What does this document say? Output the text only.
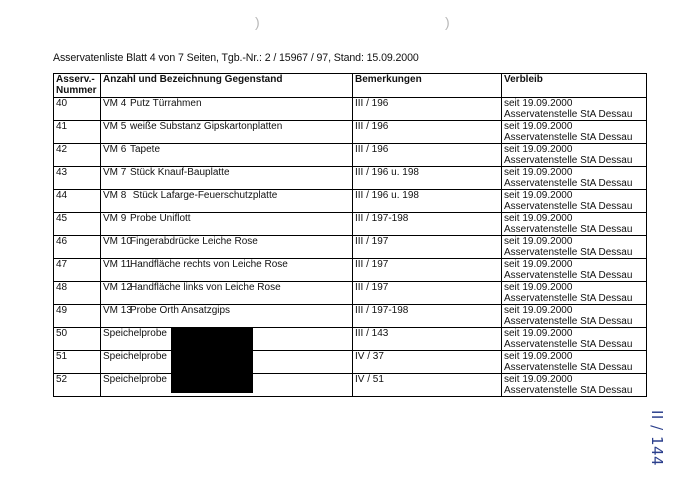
)	)
Asservatenliste Blatt 4 von 7 Seiten, Tgb.-Nr.: 2 / 15967 / 97, Stand: 15.09.2000
Asserv.-
Nummer	Anzahl und Bezeichnung Gegenstand	Bemerkungen	Verbleib
40	VM 4 Putz Türrahmen	III / 196	seit 19.09.2000
Asservatenstelle StA Dessau
41	VM 5 weiße Substanz Gipskartonplatten	III / 196	seit 19.09.2000
Asservatenstelle StA Dessau
42	VM 6 Tapete	III / 196	seit 19.09.2000
Asservatenstelle StA Dessau
43	VM 7 Stück Knauf-Bauplatte	III / 196 u. 198	seit 19.09.2000
Asservatenstelle StA Dessau
44	VM 8 Stück Lafarge-Feuerschutzplatte	III / 196 u. 198	seit 19.09.2000
Asservatenstelle StA Dessau
45	VM 9 Probe Uniflott	III / 197-198	seit 19.09.2000
Asservatenstelle StA Dessau
46	VM 10Fingerabdrücke Leiche Rose	III / 197	seit 19.09.2000
Asservatenstelle StA Dessau
47	VM 11Handfläche rechts von Leiche Rose	III / 197	seit 19.09.2000
Asservatenstelle StA Dessau
48	VM 12Handfläche links von Leiche Rose	III / 197	seit 19.09.2000
Asservatenstelle StA Dessau
49	VM 13Probe Orth Ansatzgips	III / 197-198	seit 19.09.2000
Asservatenstelle StA Dessau
50	Speichelprobe	III / 143	seit 19.09.2000
Asservatenstelle StA Dessau
51	Speichelprobe	IV / 37	seit 19.09.2000
Asservatenstelle StA Dessau
52	Speichelprobe	IV / 51	seit 19.09.2000
Asservatenstelle StA Dessau
II / 144
